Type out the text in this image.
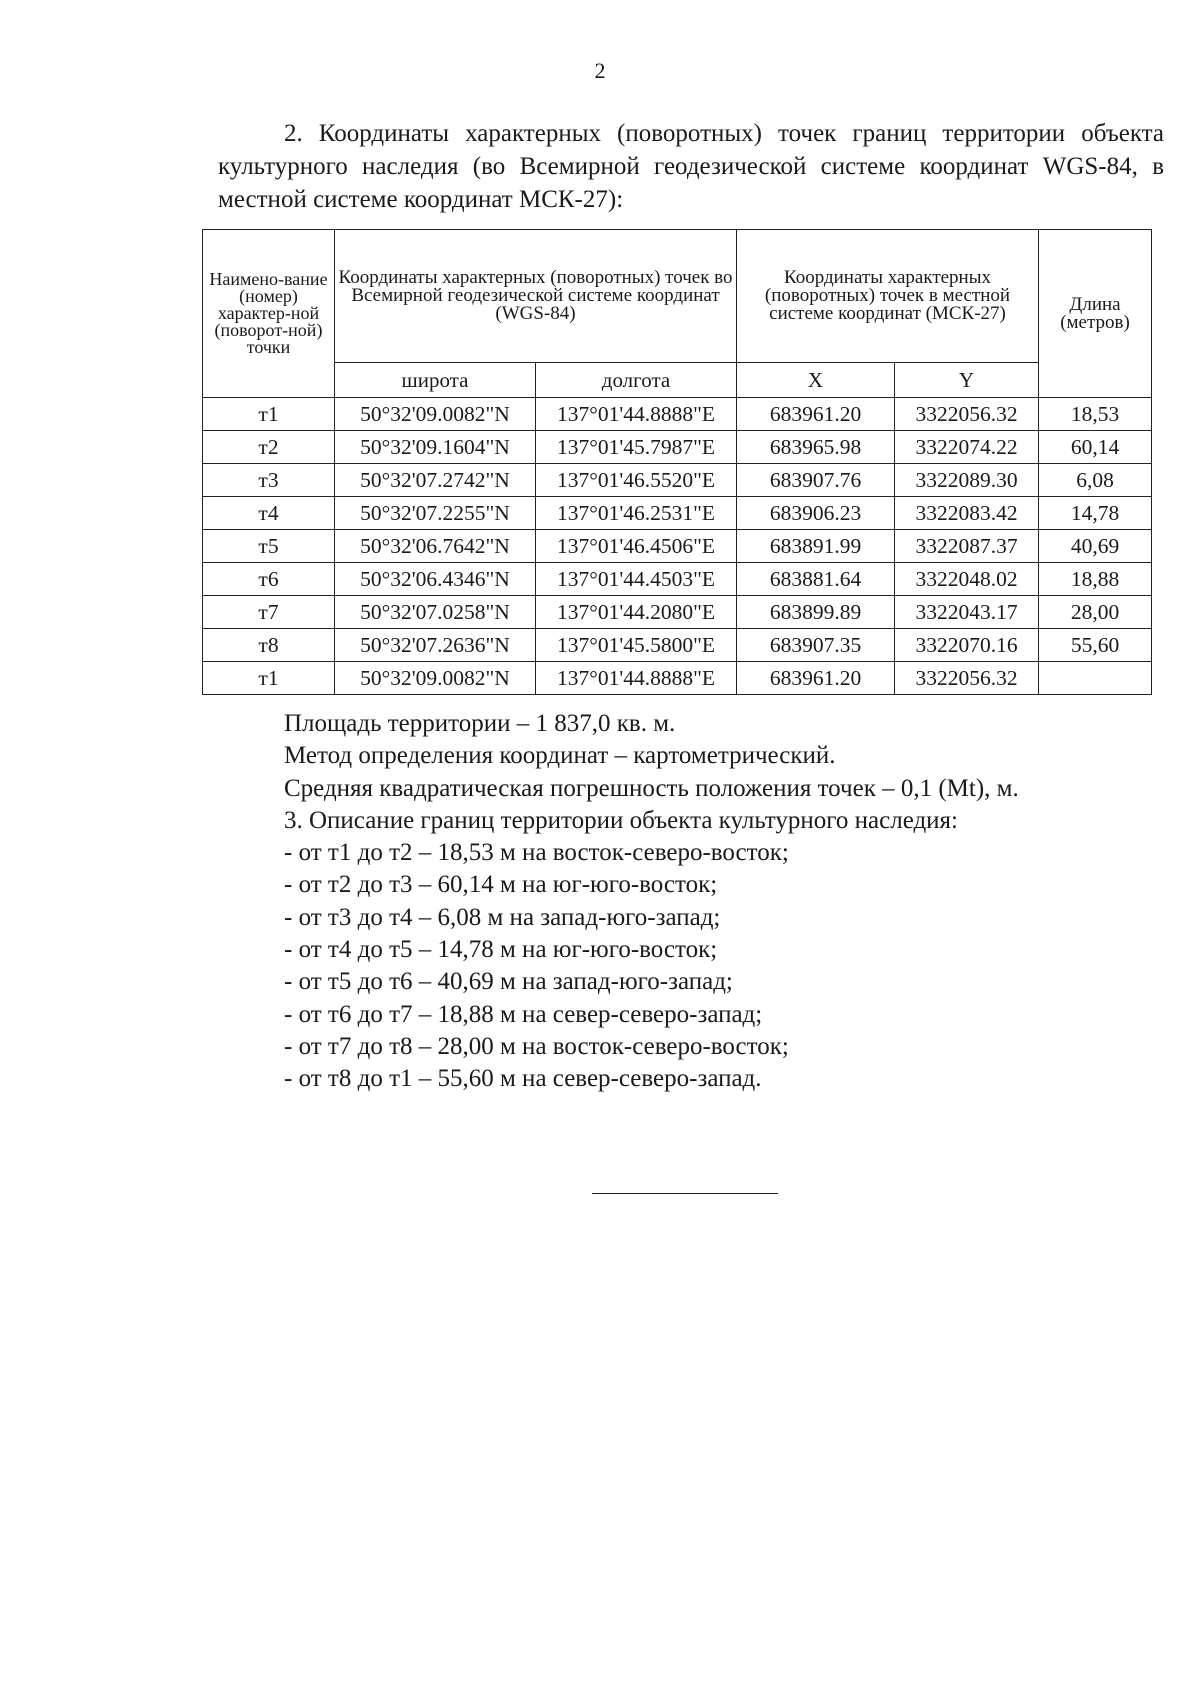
2

2. Координаты характерных (поворотных) точек границ территории объекта культурного наследия (во Всемирной геодезической системе координат WGS-84, в местной системе координат МСК-27):

Наимено-вание (номер) характер-ной (поворот-ной) точки	Координаты характерных (поворотных) точек во Всемирной геодезической системе координат (WGS-84)		Координаты характерных (поворотных) точек в местной системе координат (МСК-27)		Длина (метров)
	широта	долгота	X	Y	
т1	50°32'09.0082"N	137°01'44.8888"E	683961.20	3322056.32	18,53
т2	50°32'09.1604"N	137°01'45.7987"E	683965.98	3322074.22	60,14
т3	50°32'07.2742"N	137°01'46.5520"E	683907.76	3322089.30	6,08
т4	50°32'07.2255"N	137°01'46.2531"E	683906.23	3322083.42	14,78
т5	50°32'06.7642"N	137°01'46.4506"E	683891.99	3322087.37	40,69
т6	50°32'06.4346"N	137°01'44.4503"E	683881.64	3322048.02	18,88
т7	50°32'07.0258"N	137°01'44.2080"E	683899.89	3322043.17	28,00
т8	50°32'07.2636"N	137°01'45.5800"E	683907.35	3322070.16	55,60
т1	50°32'09.0082"N	137°01'44.8888"E	683961.20	3322056.32	
Площадь территории – 1 837,0 кв. м.
Метод определения координат – картометрический.
Средняя квадратическая погрешность положения точек – 0,1 (Mt), м.
3. Описание границ территории объекта культурного наследия:
- от т1 до т2 – 18,53 м на восток-северо-восток;
- от т2 до т3 – 60,14 м на юг-юго-восток;
- от т3 до т4 – 6,08 м на запад-юго-запад;
- от т4 до т5 – 14,78 м на юг-юго-восток;
- от т5 до т6 – 40,69 м на запад-юго-запад;
- от т6 до т7 – 18,88 м на север-северо-запад;
- от т7 до т8 – 28,00 м на восток-северо-восток;
- от т8 до т1 – 55,60 м на север-северо-запад.
